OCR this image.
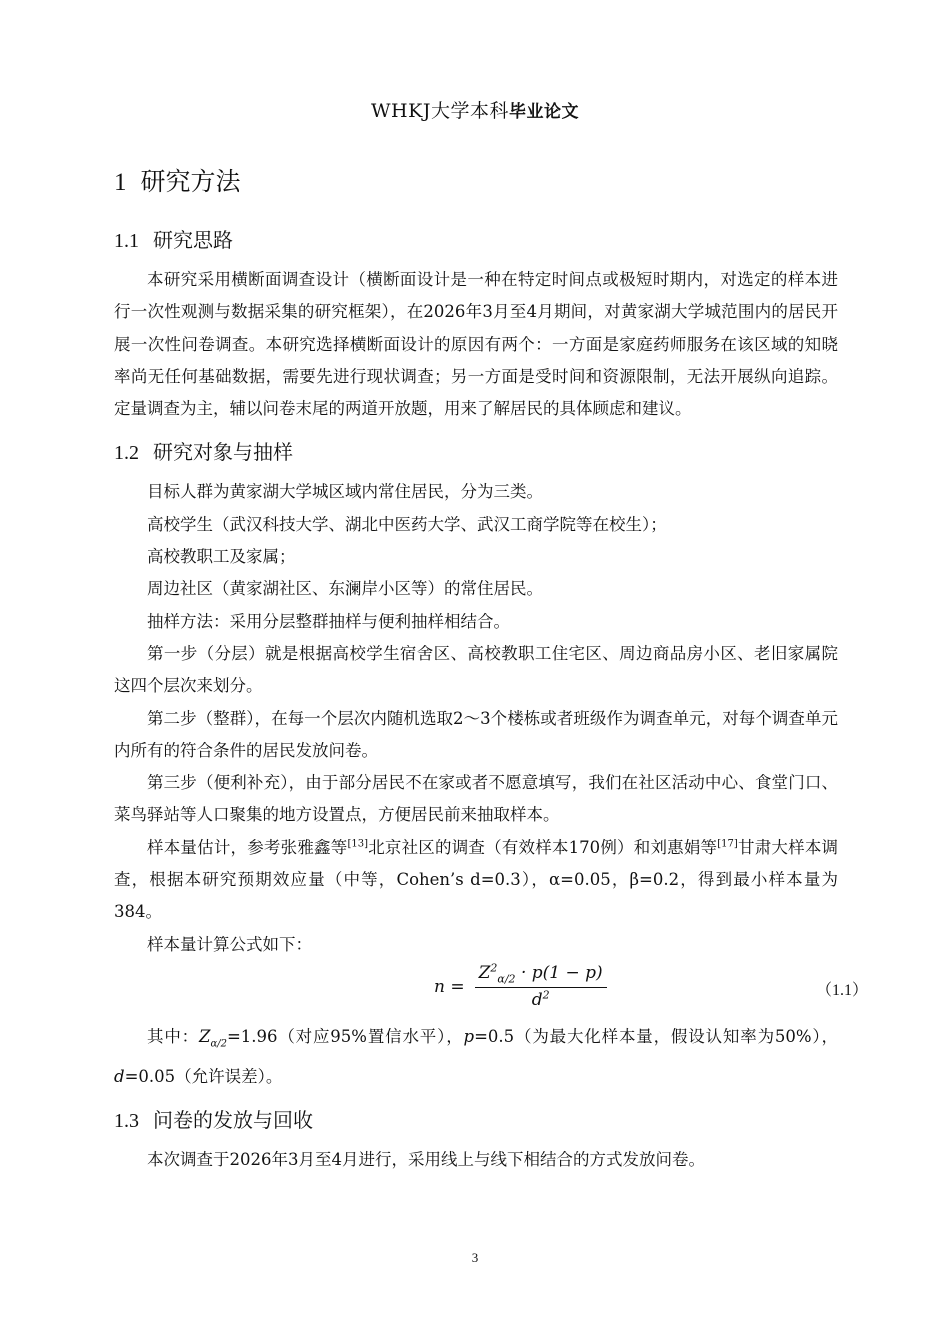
WHKJ大学本科毕业论文
1 研究方法
1.1 研究思路

本研究采用横断面调查设计（横断面设计是一种在特定时间点或极短时期内，对选定的样本进行一次性观测与数据采集的研究框架），在2026年3月至4月期间，对黄家湖大学城范围内的居民开展一次性问卷调查。本研究选择横断面设计的原因有两个：一方面是家庭药师服务在该区域的知晓率尚无任何基础数据，需要先进行现状调查；另一方面是受时间和资源限制，无法开展纵向追踪。定量调查为主，辅以问卷末尾的两道开放题，用来了解居民的具体顾虑和建议。

1.2 研究对象与抽样

目标人群为黄家湖大学城区域内常住居民，分为三类。

高校学生（武汉科技大学、湖北中医药大学、武汉工商学院等在校生）；

高校教职工及家属；

周边社区（黄家湖社区、东澜岸小区等）的常住居民。

抽样方法：采用分层整群抽样与便利抽样相结合。

第一步（分层）就是根据高校学生宿舍区、高校教职工住宅区、周边商品房小区、老旧家属院这四个层次来划分。

第二步（整群），在每一个层次内随机选取2～3个楼栋或者班级作为调查单元，对每个调查单元内所有的符合条件的居民发放问卷。

第三步（便利补充），由于部分居民不在家或者不愿意填写，我们在社区活动中心、食堂门口、菜鸟驿站等人口聚集的地方设置点，方便居民前来抽取样本。

样本量估计，参考张雅鑫等[13]北京社区的调查（有效样本170例）和刘惠娟等[17]甘肃大样本调查，根据本研究预期效应量（中等，Cohen’s d=0.3），α=0.05，β=0.2，得到最小样本量为384。

样本量计算公式如下：

$n = \frac{Z^2_{\alpha/2} \cdot p(1 - p)}{d^2}$	（1.1）

其中：$Z_{\alpha/2}=1.96$（对应95%置信水平），p=0.5（为最大化样本量，假设认知率为50%），d=0.05（允许误差）。

1.3 问卷的发放与回收

本次调查于2026年3月至4月进行，采用线上与线下相结合的方式发放问卷。

3
